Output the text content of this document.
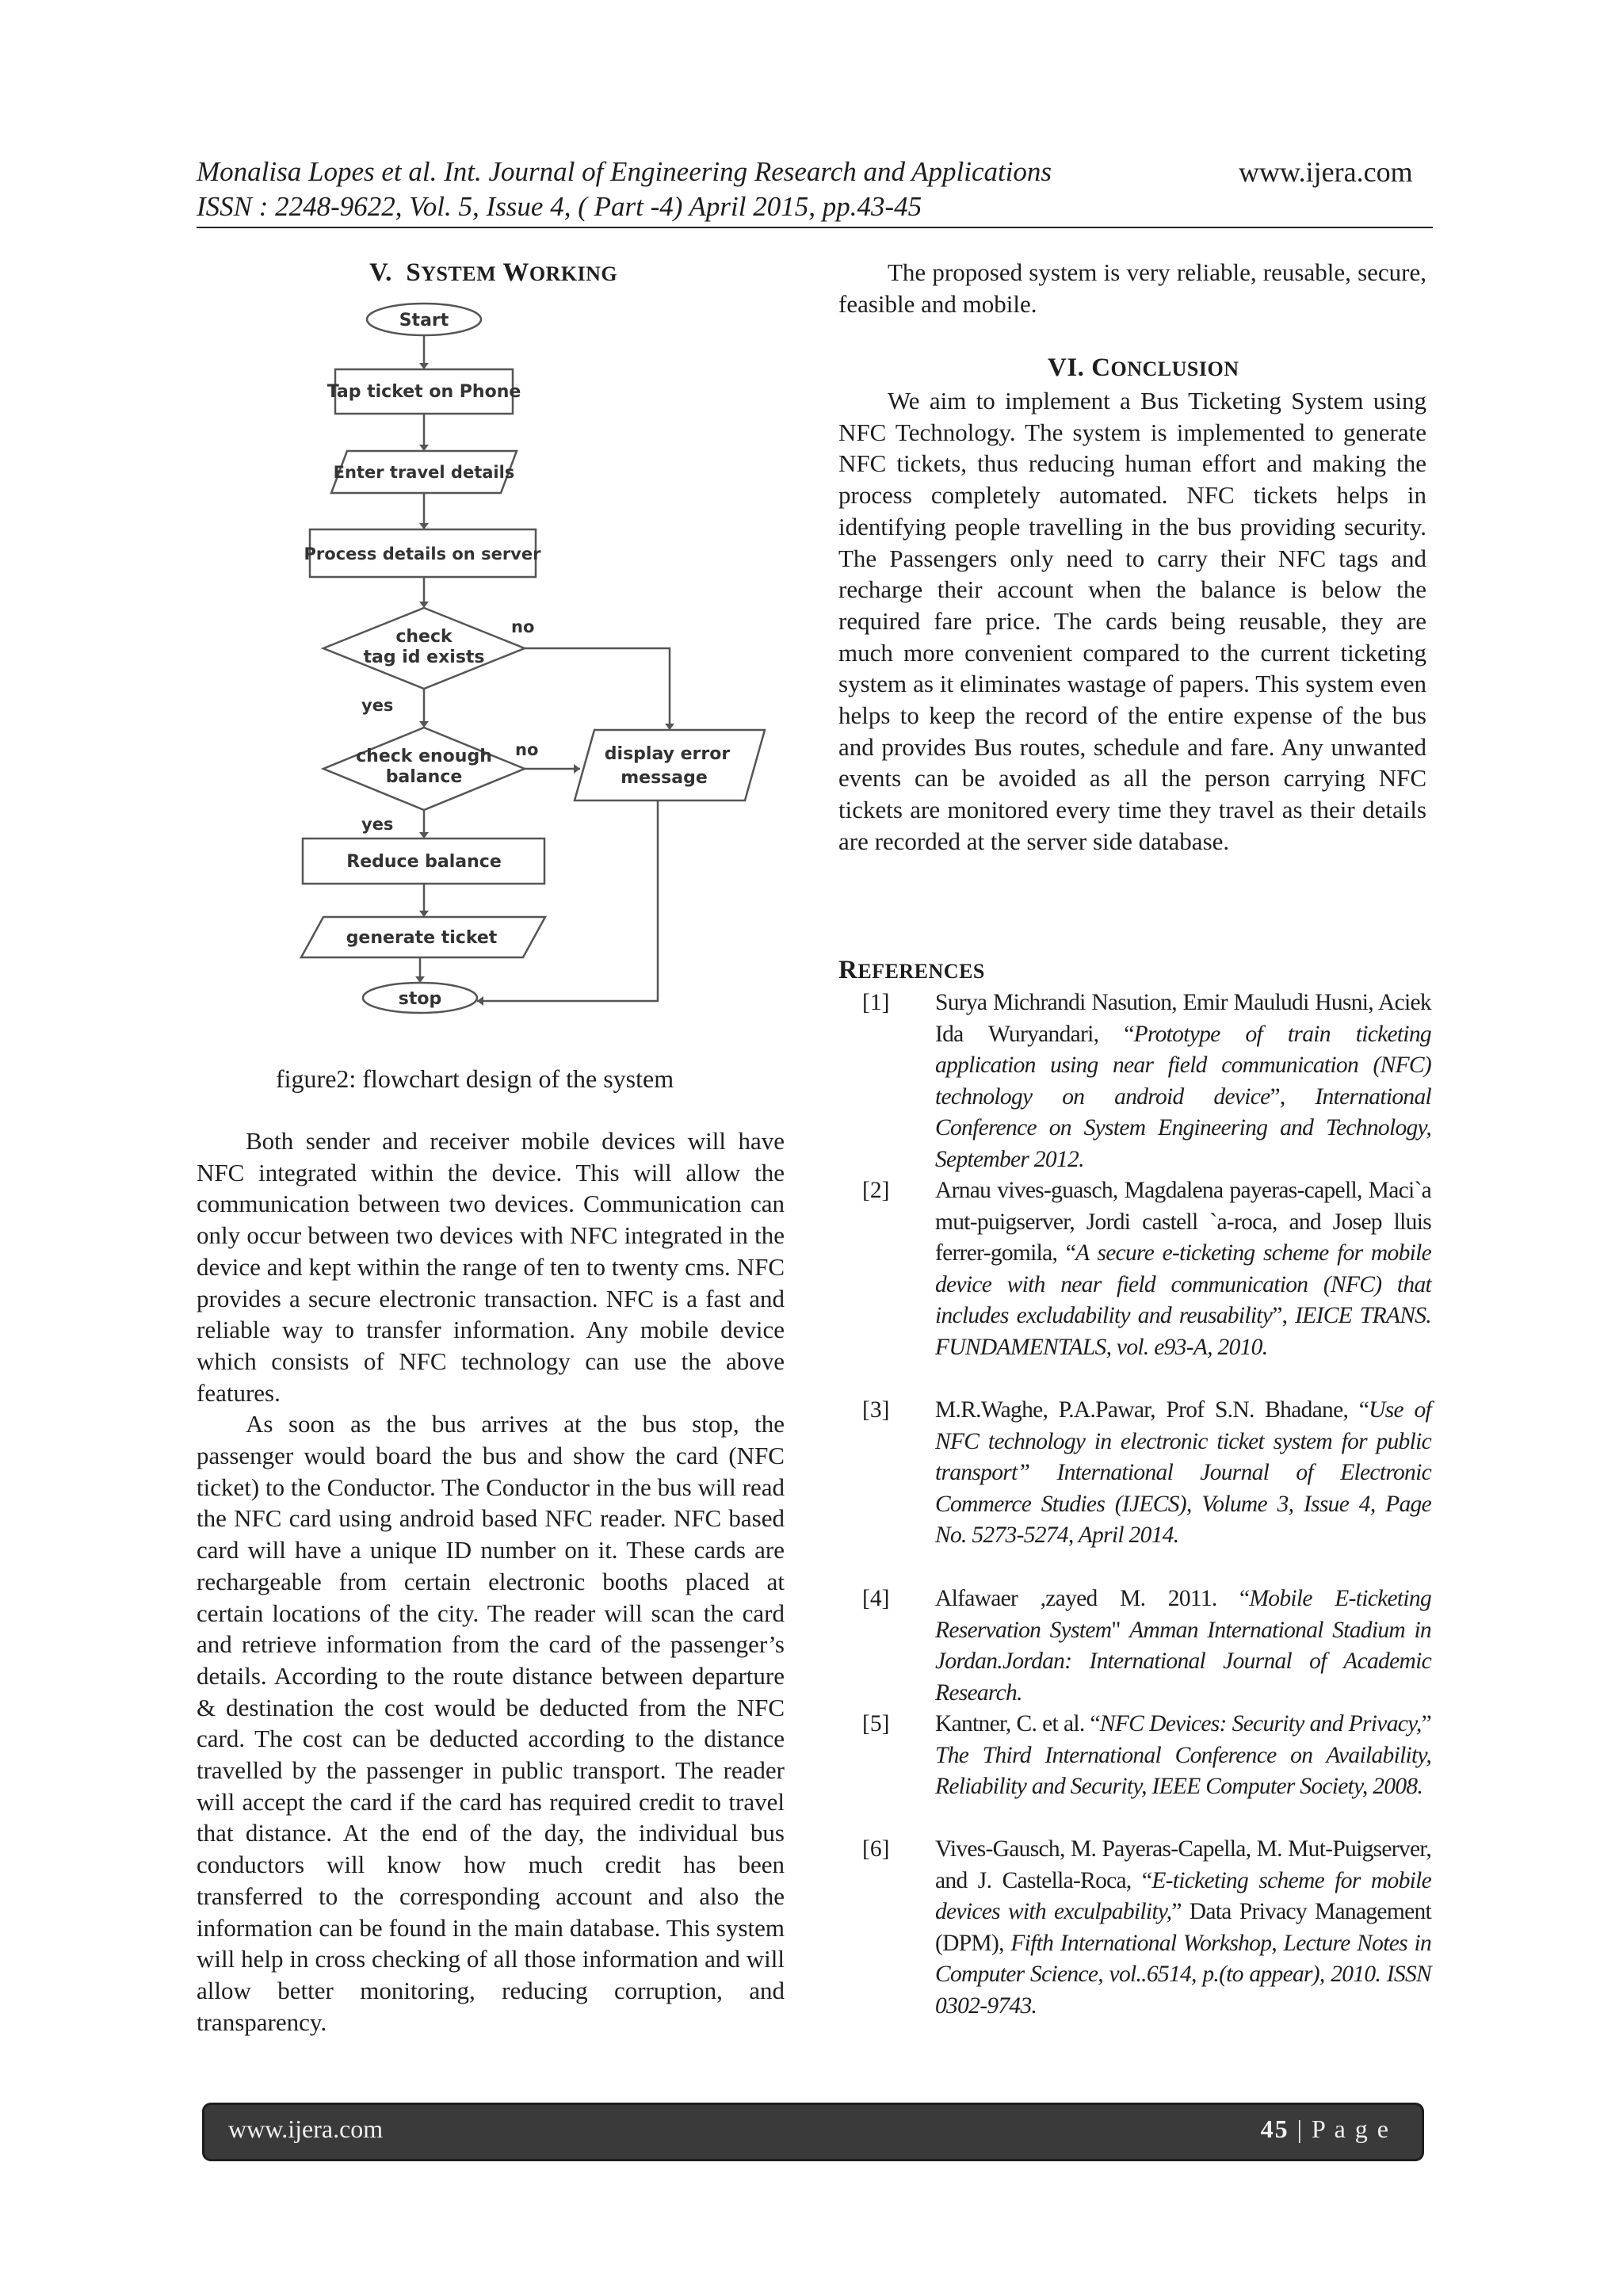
Monalisa Lopes et al. Int. Journal of Engineering Research and Applications	www.ijera.com
ISSN : 2248-9622, Vol. 5, Issue 4, ( Part -4) April 2015, pp.43-45
V. SYSTEM WORKING
Start
Tap ticket on Phone
Enter travel details
Process details on server
check
tag id exists
no
yes
check enough
balance
no	display error
message
yes
Reduce balance
generate ticket
stop
figure2: flowchart design of the system
Both sender and receiver mobile devices will have NFC integrated within the device. This will allow the communication between two devices. Communication can only occur between two devices with NFC integrated in the device and kept within the range of ten to twenty cms. NFC provides a secure electronic transaction. NFC is a fast and reliable way to transfer information. Any mobile device which consists of NFC technology can use the above features.
As soon as the bus arrives at the bus stop, the passenger would board the bus and show the card (NFC ticket) to the Conductor. The Conductor in the bus will read the NFC card using android based NFC reader. NFC based card will have a unique ID number on it. These cards are rechargeable from certain electronic booths placed at certain locations of the city. The reader will scan the card and retrieve information from the card of the passenger’s details. According to the route distance between departure & destination the cost would be deducted from the NFC card. The cost can be deducted according to the distance travelled by the passenger in public transport. The reader will accept the card if the card has required credit to travel that distance. At the end of the day, the individual bus conductors will know how much credit has been transferred to the corresponding account and also the information can be found in the main database. This system will help in cross checking of all those information and will allow better monitoring, reducing corruption, and transparency.
The proposed system is very reliable, reusable, secure, feasible and mobile.
VI. CONCLUSION
We aim to implement a Bus Ticketing System using NFC Technology. The system is implemented to generate NFC tickets, thus reducing human effort and making the process completely automated. NFC tickets helps in identifying people travelling in the bus providing security. The Passengers only need to carry their NFC tags and recharge their account when the balance is below the required fare price. The cards being reusable, they are much more convenient compared to the current ticketing system as it eliminates wastage of papers. This system even helps to keep the record of the entire expense of the bus and provides Bus routes, schedule and fare. Any unwanted events can be avoided as all the person carrying NFC tickets are monitored every time they travel as their details are recorded at the server side database.
REFERENCES
[1]	Surya Michrandi Nasution, Emir Mauludi Husni, Aciek Ida Wuryandari, “Prototype of train ticketing application using near field communication (NFC) technology on android device”, International Conference on System Engineering and Technology, September 2012.
[2]	Arnau vives-guasch, Magdalena payeras-capell, Maci`a mut-puigserver, Jordi castell `a-roca, and Josep lluis ferrer-gomila, “A secure e-ticketing scheme for mobile device with near field communication (NFC) that includes excludability and reusability”, IEICE TRANS. FUNDAMENTALS, vol. e93-A, 2010.
[3]	M.R.Waghe, P.A.Pawar, Prof S.N. Bhadane, “Use of NFC technology in electronic ticket system for public transport” International Journal of Electronic Commerce Studies (IJECS), Volume 3, Issue 4, Page No. 5273-5274, April 2014.
[4]	Alfawaer ,zayed M. 2011. “Mobile E-ticketing Reservation System" Amman International Stadium in Jordan.Jordan: International Journal of Academic Research.
[5]	Kantner, C. et al. “NFC Devices: Security and Privacy,” The Third International Conference on Availability, Reliability and Security, IEEE Computer Society, 2008.
[6]	Vives-Gausch, M. Payeras-Capella, M. Mut-Puigserver, and J. Castella-Roca, “E-ticketing scheme for mobile devices with exculpability,” Data Privacy Management (DPM), Fifth International Workshop, Lecture Notes in Computer Science, vol..6514, p.(to appear), 2010. ISSN 0302-9743.
www.ijera.com	45 | P a g e
